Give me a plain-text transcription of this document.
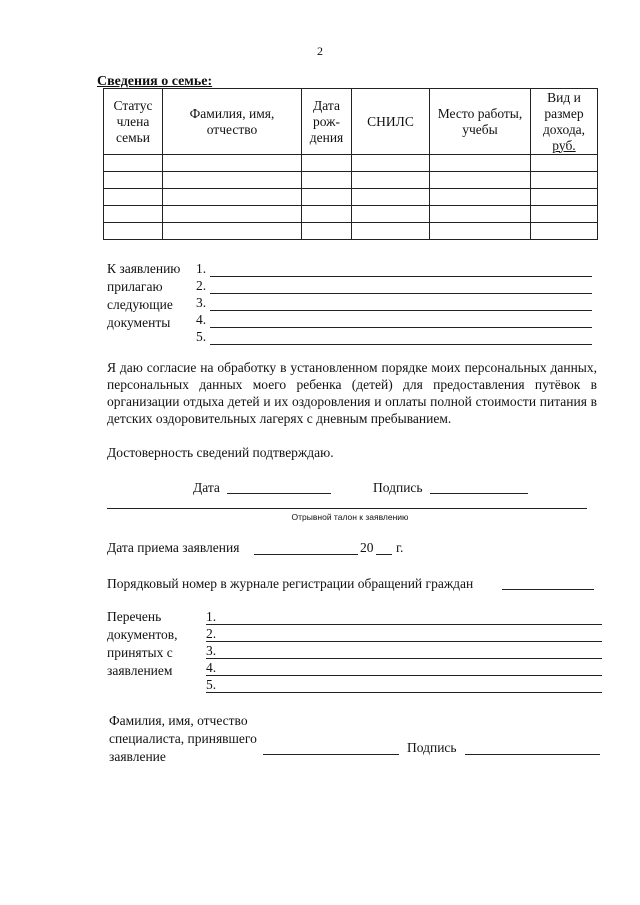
2
Сведения о семье:
Статус члена семьи	Фамилия, имя, отчество	Дата рож-дения	СНИЛС	Место работы, учебы	Вид и размер дохода,
руб.

К заявлению
прилагаю
следующие
документы
1.
2.
3.
4.
5.

Я даю согласие на обработку в установленном порядке моих персональных данных, персональных данных моего ребенка (детей) для предоставления путёвок в организации отдыха детей и их оздоровления и оплаты полной стоимости питания в детских оздоровительных лагерях с дневным пребыванием.

Достоверность сведений подтверждаю.
Дата	Подпись
Отрывной талон к заявлению
Дата приема заявления	20 г.
Порядковый номер в журнале регистрации обращений граждан
Перечень
документов,
принятых с
заявлением
1.
2.
3.
4.
5.
Фамилия, имя, отчество
специалиста, принявшего
заявление
Подпись
